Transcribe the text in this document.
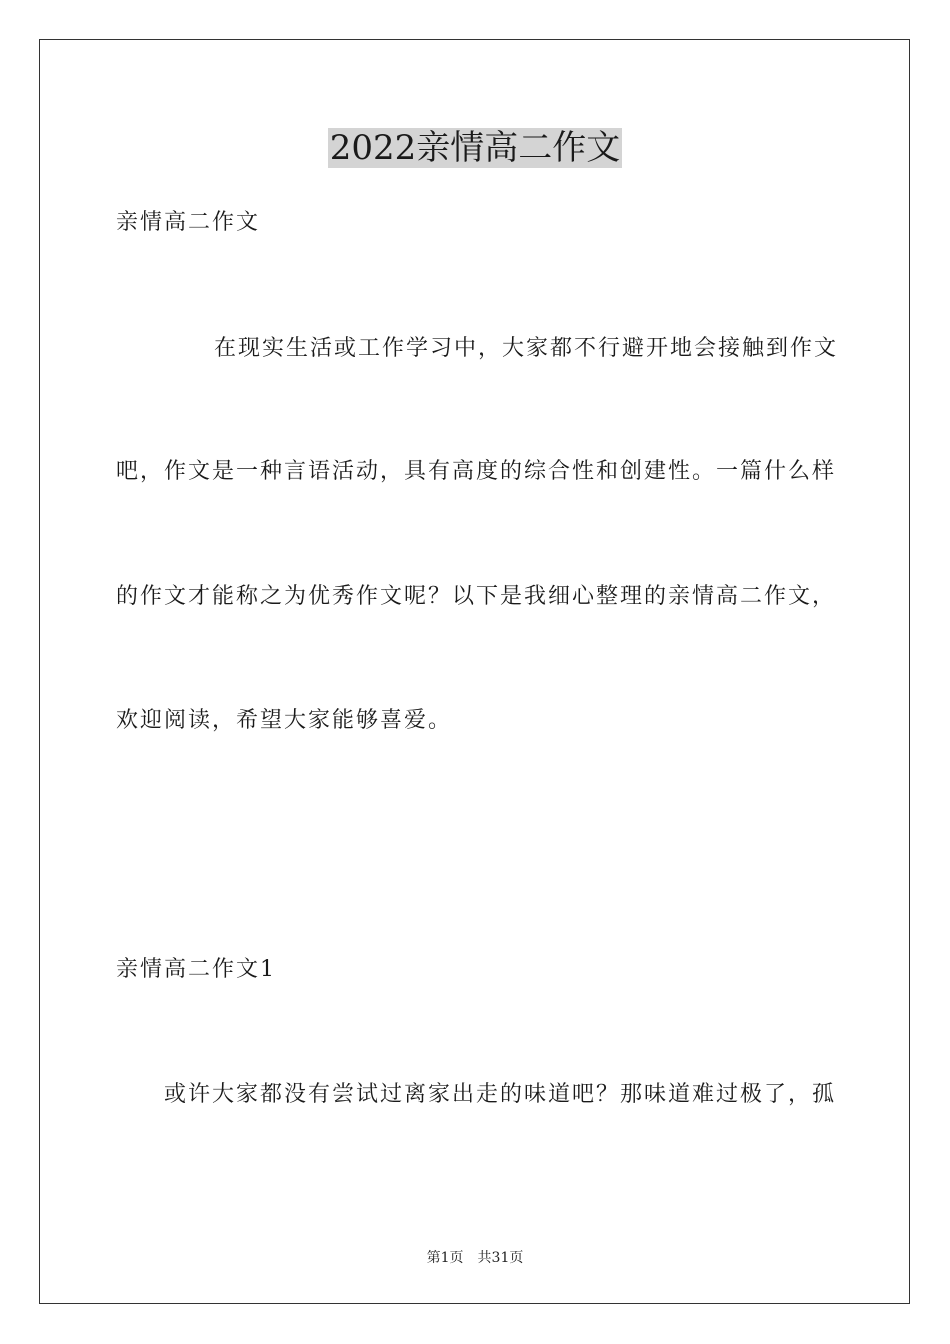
2022亲情高二作文

亲情高二作文

在现实生活或工作学习中，大家都不行避开地会接触到作文

吧，作文是一种言语活动，具有高度的综合性和创建性。一篇什么样

的作文才能称之为优秀作文呢？以下是我细心整理的亲情高二作文，

欢迎阅读，希望大家能够喜爱。

亲情高二作文1

或许大家都没有尝试过离家出走的味道吧？那味道难过极了，孤

第1页 共31页
